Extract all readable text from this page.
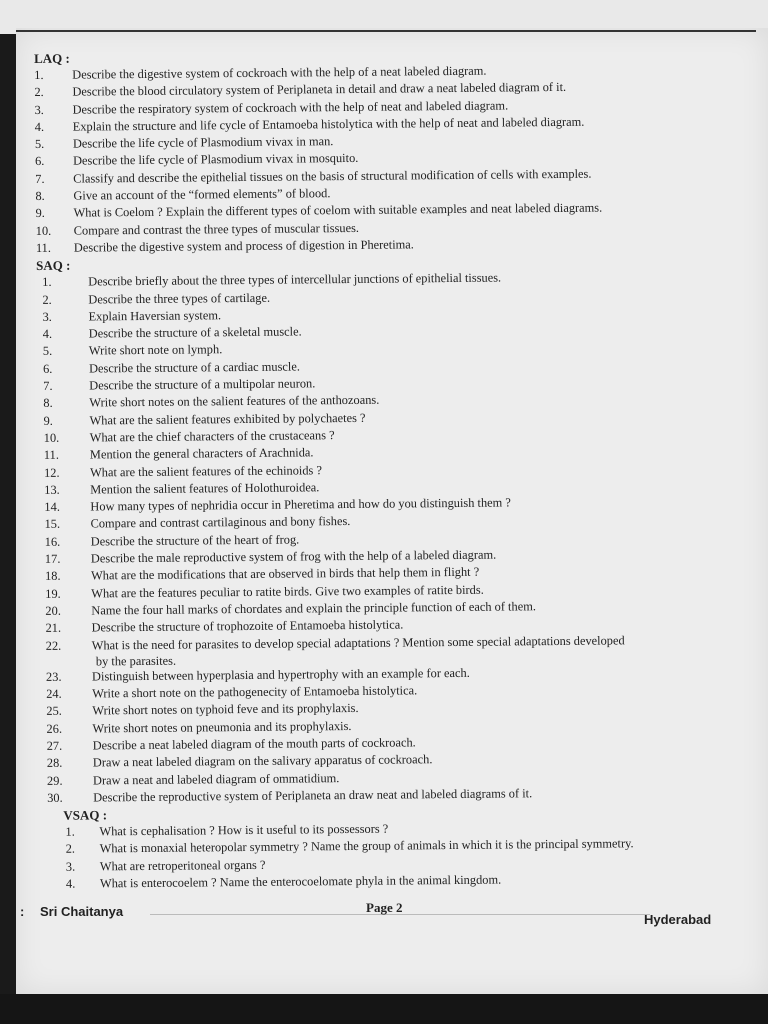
LAQ :
1.	Describe the digestive system of cockroach with the help of a neat labeled diagram.
2.	Describe the blood circulatory system of Periplaneta in detail and draw a neat labeled diagram of it.
3.	Describe the respiratory system of cockroach with the help of neat and labeled diagram.
4.	Explain the structure and life cycle of Entamoeba histolytica with the help of neat and labeled diagram.
5.	Describe the life cycle of Plasmodium vivax in man.
6.	Describe the life cycle of Plasmodium vivax in mosquito.
7.	Classify and describe the epithelial tissues on the basis of structural modification of cells with examples.
8.	Give an account of the “formed elements” of blood.
9.	What is Coelom ? Explain the different types of coelom with suitable examples and neat labeled diagrams.
10.	Compare and contrast the three types of muscular tissues.
11.	Describe the digestive system and process of digestion in Pheretima.
SAQ :
1.	Describe briefly about the three types of intercellular junctions of epithelial tissues.
2.	Describe the three types of cartilage.
3.	Explain Haversian system.
4.	Describe the structure of a skeletal muscle.
5.	Write short note on lymph.
6.	Describe the structure of a cardiac muscle.
7.	Describe the structure of a multipolar neuron.
8.	Write short notes on the salient features of the anthozoans.
9.	What are the salient features exhibited by polychaetes ?
10.	What are the chief characters of the crustaceans ?
11.	Mention the general characters of Arachnida.
12.	What are the salient features of the echinoids ?
13.	Mention the salient features of Holothuroidea.
14.	How many types of nephridia occur in Pheretima and how do you distinguish them ?
15.	Compare and contrast cartilaginous and bony fishes.
16.	Describe the structure of the heart of frog.
17.	Describe the male reproductive system of frog with the help of a labeled diagram.
18.	What are the modifications that are observed in birds that help them in flight ?
19.	What are the features peculiar to ratite birds. Give two examples of ratite birds.
20.	Name the four hall marks of chordates and explain the principle function of each of them.
21.	Describe the structure of trophozoite of Entamoeba histolytica.
22.	What is the need for parasites to develop special adaptations ? Mention some special adaptations developed
by the parasites.
23.	Distinguish between hyperplasia and hypertrophy with an example for each.
24.	Write a short note on the pathogenecity of Entamoeba histolytica.
25.	Write short notes on typhoid feve and its prophylaxis.
26.	Write short notes on pneumonia and its prophylaxis.
27.	Describe a neat labeled diagram of the mouth parts of cockroach.
28.	Draw a neat labeled diagram on the salivary apparatus of cockroach.
29.	Draw a neat and labeled diagram of ommatidium.
30.	Describe the reproductive system of Periplaneta an draw neat and labeled diagrams of it.
VSAQ :
1.	What is cephalisation ? How is it useful to its possessors ?
2.	What is monaxial heteropolar symmetry ? Name the group of animals in which it is the principal symmetry.
3.	What are retroperitoneal organs ?
4.	What is enterocoelem ? Name the enterocoelomate phyla in the animal kingdom.
: Sri Chaitanya	Page 2
Hyderabad
